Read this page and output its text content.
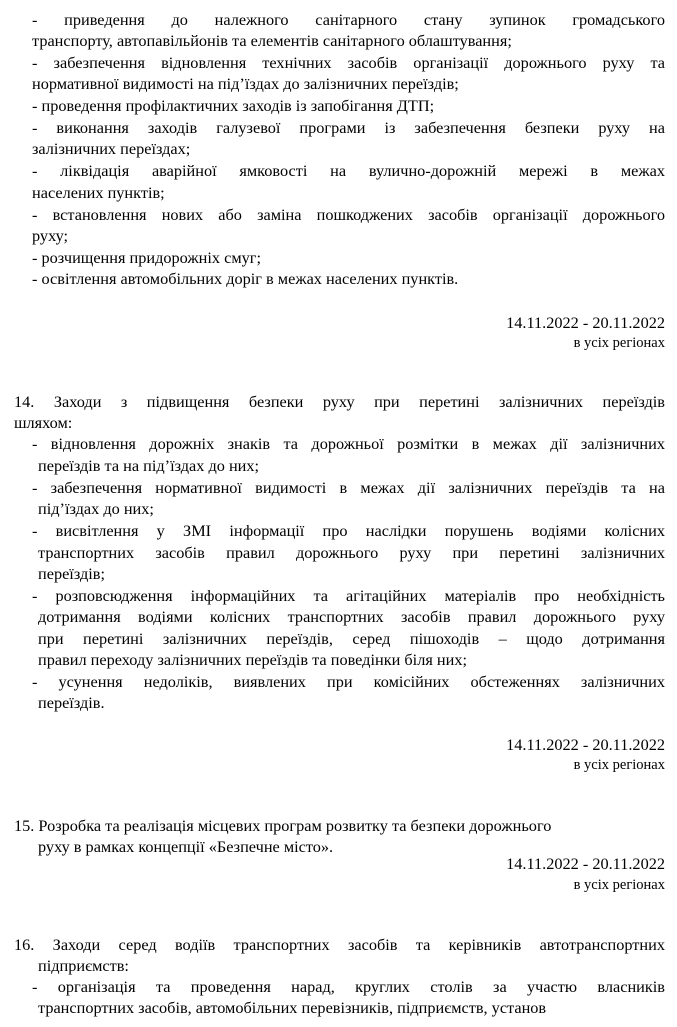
- приведення до належного санітарного стану зупинок громадського
транспорту, автопавільйонів та елементів санітарного облаштування;
- забезпечення відновлення технічних засобів організації дорожнього руху та
нормативної видимості на під’їздах до залізничних переїздів;
- проведення профілактичних заходів із запобігання ДТП;
- виконання заходів галузевої програми із забезпечення безпеки руху на
залізничних переїздах;
- ліквідація аварійної ямковості на вулично-дорожній мережі в межах
населених пунктів;
- встановлення нових або заміна пошкоджених засобів організації дорожнього
руху;
- розчищення придорожніх смуг;
- освітлення автомобільних доріг в межах населених пунктів.
14.11.2022 - 20.11.2022
в усіх регіонах
14. Заходи з підвищення безпеки руху при перетині залізничних переїздів
шляхом:
- відновлення дорожніх знаків та дорожньої розмітки в межах дії залізничних
переїздів та на під’їздах до них;
- забезпечення нормативної видимості в межах дії залізничних переїздів та на
під’їздах до них;
- висвітлення у ЗМІ інформації про наслідки порушень водіями колісних
транспортних засобів правил дорожнього руху при перетині залізничних
переїздів;
- розповсюдження інформаційних та агітаційних матеріалів про необхідність
дотримання водіями колісних транспортних засобів правил дорожнього руху
при перетині залізничних переїздів, серед пішоходів – щодо дотримання
правил переходу залізничних переїздів та поведінки біля них;
- усунення недоліків, виявлених при комісійних обстеженнях залізничних
переїздів.
14.11.2022 - 20.11.2022
в усіх регіонах
15. Розробка та реалізація місцевих програм розвитку та безпеки дорожнього
руху в рамках концепції «Безпечне місто».
14.11.2022 - 20.11.2022
в усіх регіонах
16. Заходи серед водіїв транспортних засобів та керівників автотранспортних
підприємств:
- організація та проведення нарад, круглих столів за участю власників
транспортних засобів, автомобільних перевізників, підприємств, установ
